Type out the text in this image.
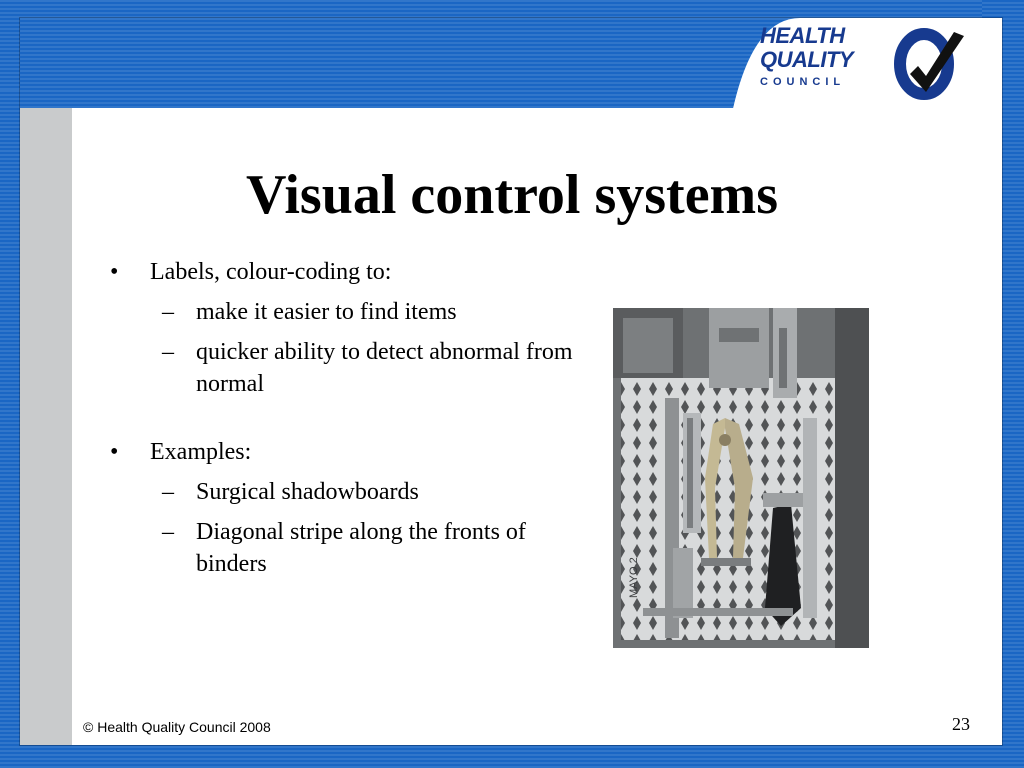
HEALTH
QUALITY
COUNCIL
Visual control systems
• Labels, colour-coding to:
– make it easier to find items
– quicker ability to detect abnormal from normal
• Examples:
– Surgical shadowboards
– Diagonal stripe along the fronts of binders	MAYO 2
© Health Quality Council 2008	23
